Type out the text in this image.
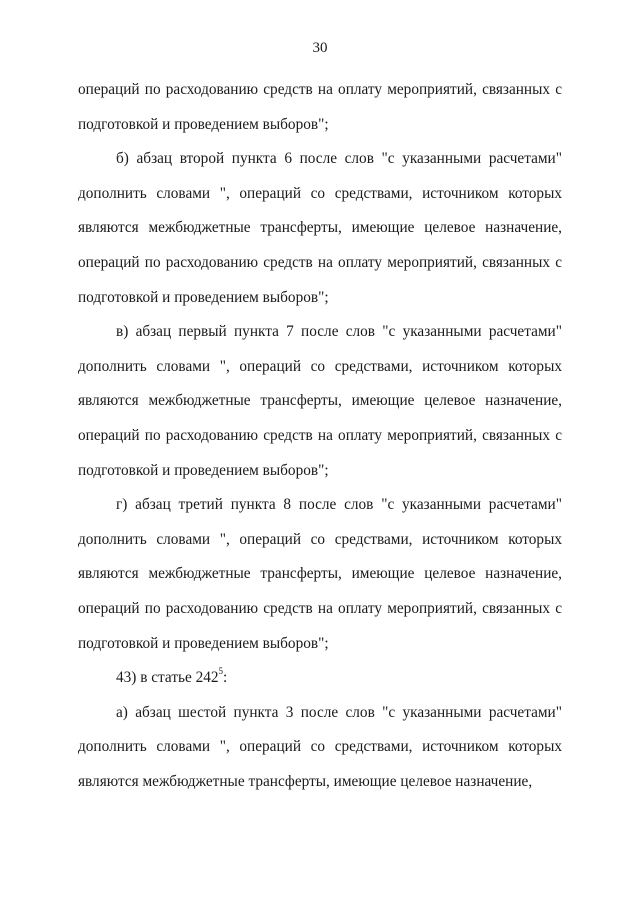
30

операций по расходованию средств на оплату мероприятий, связанных с подготовкой и проведением выборов";

б) абзац второй пункта 6 после слов "с указанными расчетами" дополнить словами ", операций со средствами, источником которых являются межбюджетные трансферты, имеющие целевое назначение, операций по расходованию средств на оплату мероприятий, связанных с подготовкой и проведением выборов";

в) абзац первый пункта 7 после слов "с указанными расчетами" дополнить словами ", операций со средствами, источником которых являются межбюджетные трансферты, имеющие целевое назначение, операций по расходованию средств на оплату мероприятий, связанных с подготовкой и проведением выборов";

г) абзац третий пункта 8 после слов "с указанными расчетами" дополнить словами ", операций со средствами, источником которых являются межбюджетные трансферты, имеющие целевое назначение, операций по расходованию средств на оплату мероприятий, связанных с подготовкой и проведением выборов";

43) в статье $242^5$:

а) абзац шестой пункта 3 после слов "с указанными расчетами" дополнить словами ", операций со средствами, источником которых являются межбюджетные трансферты, имеющие целевое назначение,
